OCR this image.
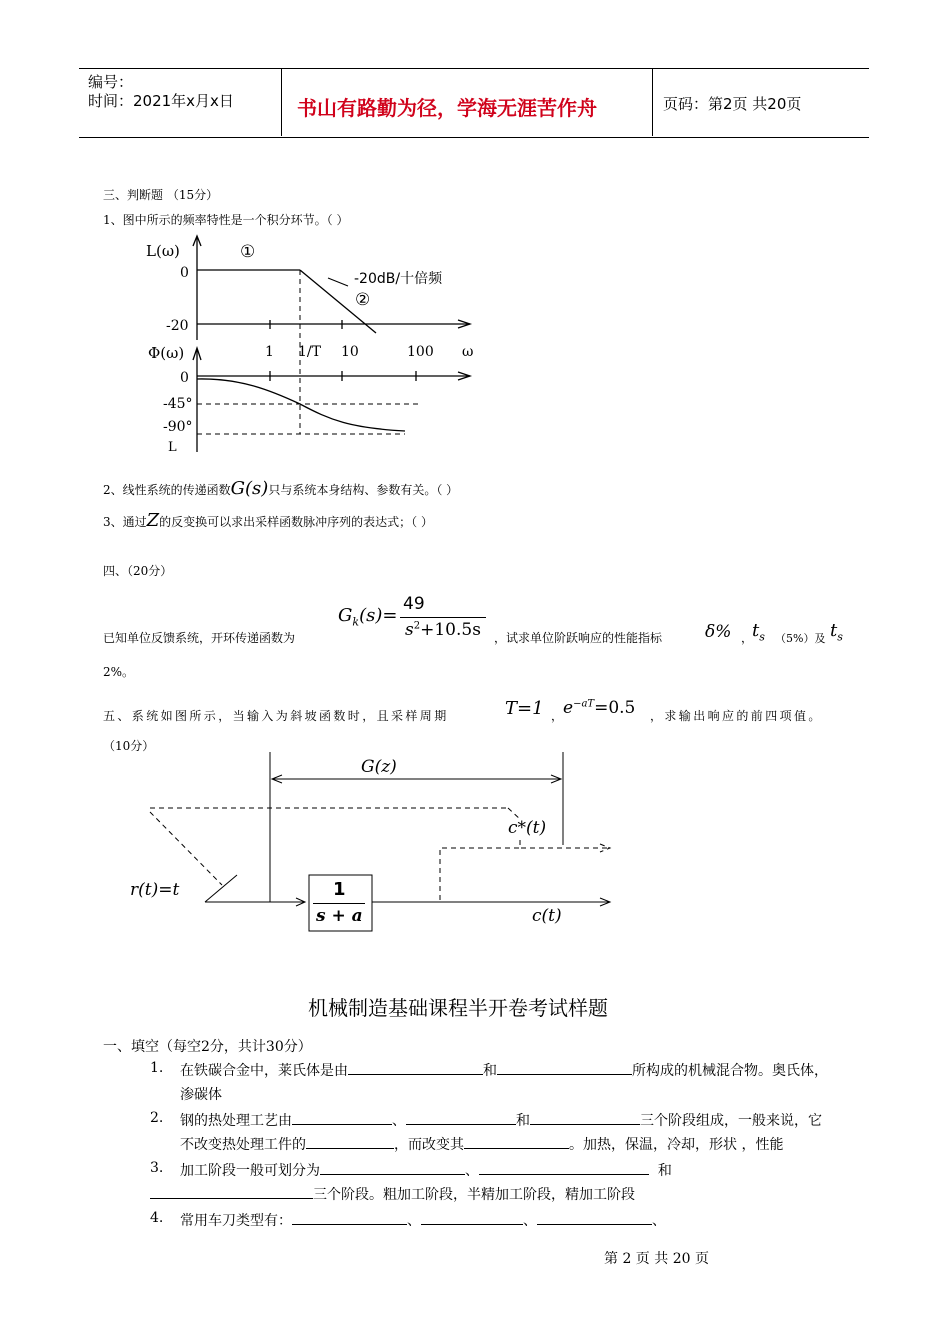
编号：
时间：2021年x月x日	书山有路勤为径，学海无涯苦作舟	页码：第2页 共20页
三、判断题 （15分）
1、图中所示的频率特性是一个积分环节。（ ）
L(ω)	①
0	-20dB/十倍频
②
-20
Φ(ω)	1 1/T 10	100 ω
0
-45°
-90°
L
2、线性系统的传递函数G(s)只与系统本身结构、参数有关。（ ）
3、通过Z的反变换可以求出采样函数脉冲序列的表达式；（ ）
四、（20分）
$G_k(s)=$
49
$s^2+10.5s$
已知单位反馈系统，开环传递函数为	，试求单位阶跃响应的性能指标	δ% ，
$t_s$ （5%）及 $t_s$
2%。
五、系统如图所示，当输入为斜坡函数时，且采样周期	T=1 ， $e^{-aT}=0.5$ ，求输出响应的前四项值。
（10分）
G(z)
c*(t)
r(t)=t	1
s + a	c(t)
机械制造基础课程半开卷考试样题
一、填空（每空2分，共计30分）
1. 在铁碳合金中，莱氏体是由	和	所构成的机械混合物。奥氏体，
渗碳体
2. 钢的热处理工艺由	、	和	三个阶段组成，一般来说，它
不改变热处理工件的	，而改变其	。加热，保温，冷却，形状 ，性能
3. 加工阶段一般可划分为	、	和
三个阶段。粗加工阶段，半精加工阶段，精加工阶段
4. 常用车刀类型有：	、	、	、
第 2 页 共 20 页
